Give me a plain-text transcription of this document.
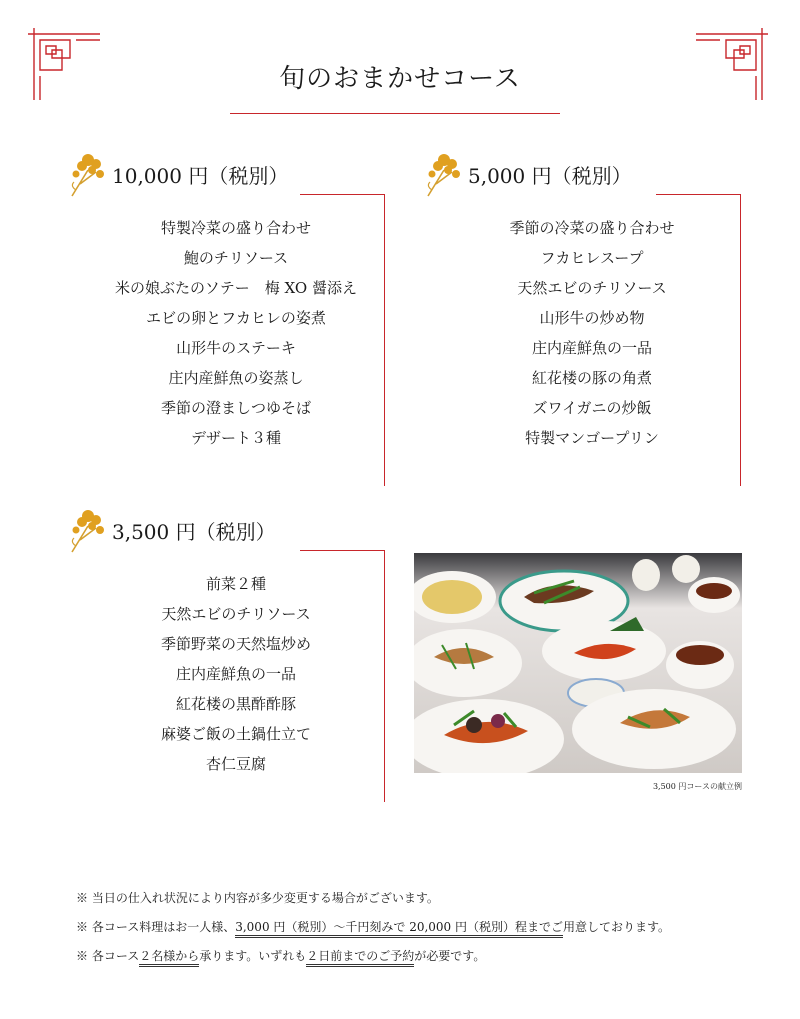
旬のおまかせコース
10,000 円（税別）
特製冷菜の盛り合わせ
鮑のチリソース
米の娘ぶたのソテー　梅 XO 醤添え
エビの卵とフカヒレの姿煮
山形牛のステーキ
庄内産鮮魚の姿蒸し
季節の澄ましつゆそば
デザート３種
5,000 円（税別）
季節の冷菜の盛り合わせ
フカヒレスープ
天然エビのチリソース
山形牛の炒め物
庄内産鮮魚の一品
紅花楼の豚の角煮
ズワイガニの炒飯
特製マンゴープリン
3,500 円（税別）
前菜２種
天然エビのチリソース
季節野菜の天然塩炒め
庄内産鮮魚の一品
紅花楼の黒酢酢豚
麻婆ご飯の土鍋仕立て
杏仁豆腐
3,500 円コースの献立例
※ 当日の仕入れ状況により内容が多少変更する場合がございます。
※ 各コース料理はお一人様、3,000 円（税別）～千円刻みで 20,000 円（税別）程までご用意しております。
※ 各コース２名様から承ります。いずれも２日前までのご予約が必要です。
